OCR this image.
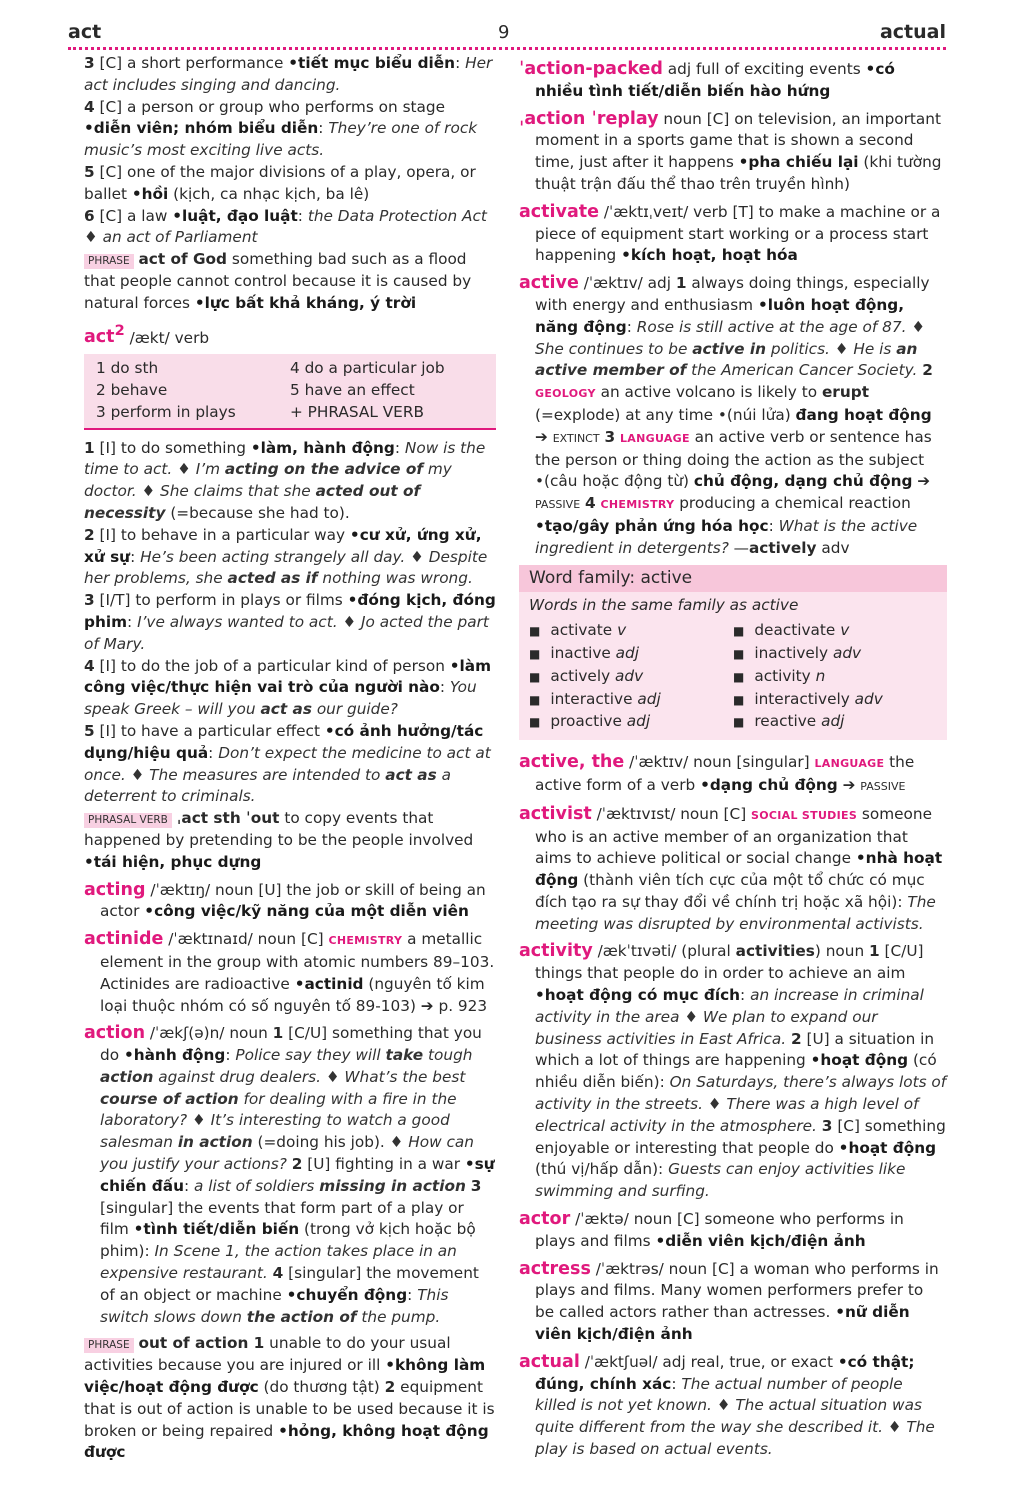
act	9	actual
3 [C] a short performance •tiết mục biểu diễn: Her act includes singing and dancing.
4 [C] a person or group who performs on stage •diễn viên; nhóm biểu diễn: They’re one of rock music’s most exciting live acts.
5 [C] one of the major divisions of a play, opera, or ballet •hồi (kịch, ca nhạc kịch, ba lê)
6 [C] a law •luật, đạo luật: the Data Protection Act ♦ an act of Parliament
PHRASE act of God something bad such as a flood that people cannot control because it is caused by natural forces •lực bất khả kháng, ý trời
act$^2$ /ækt/ verb
1 do sth	4 do a particular job
2 behave	5 have an effect
3 perform in plays	+ PHRASAL VERB
1 [I] to do something •làm, hành động: Now is the time to act. ♦ I’m acting on the advice of my doctor. ♦ She claims that she acted out of necessity (=because she had to).
2 [I] to behave in a particular way •cư xử, ứng xử, xử sự: He’s been acting strangely all day. ♦ Despite her problems, she acted as if nothing was wrong.
3 [I/T] to perform in plays or films •đóng kịch, đóng phim: I’ve always wanted to act. ♦ Jo acted the part of Mary.
4 [I] to do the job of a particular kind of person •làm công việc/thực hiện vai trò của người nào: You speak Greek – will you act as our guide?
5 [I] to have a particular effect •có ảnh hưởng/tác dụng/hiệu quả: Don’t expect the medicine to act at once. ♦ The measures are intended to act as a deterrent to criminals.
PHRASAL VERB ˌact sth ˈout to copy events that happened by pretending to be the people involved •tái hiện, phục dựng
acting /ˈæktɪŋ/ noun [U] the job or skill of being an actor •công việc/kỹ năng của một diễn viên
actinide /ˈæktɪnaɪd/ noun [C] CHEMISTRY a metallic element in the group with atomic numbers 89–103. Actinides are radioactive •actinid (nguyên tố kim loại thuộc nhóm có số nguyên tố 89-103) ➔ p. 923
action /ˈækʃ(ə)n/ noun 1 [C/U] something that you do •hành động: Police say they will take tough action against drug dealers. ♦ What’s the best course of action for dealing with a fire in the laboratory? ♦ It’s interesting to watch a good salesman in action (=doing his job). ♦ How can you justify your actions? 2 [U] fighting in a war •sự chiến đấu: a list of soldiers missing in action 3 [singular] the events that form part of a play or film •tình tiết/diễn biến (trong vở kịch hoặc bộ phim): In Scene 1, the action takes place in an expensive restaurant. 4 [singular] the movement of an object or machine •chuyển động: This switch slows down the action of the pump.
PHRASE out of action 1 unable to do your usual activities because you are injured or ill •không làm việc/hoạt động được (do thương tật) 2 equipment that is out of action is unable to be used because it is broken or being repaired •hỏng, không hoạt động được
ˈaction-packed adj full of exciting events •có nhiều tình tiết/diễn biến hào hứng
ˌaction ˈreplay noun [C] on television, an important moment in a sports game that is shown a second time, just after it happens •pha chiếu lại (khi tường thuật trận đấu thể thao trên truyền hình)
activate /ˈæktɪˌveɪt/ verb [T] to make a machine or a piece of equipment start working or a process start happening •kích hoạt, hoạt hóa
active /ˈæktɪv/ adj 1 always doing things, especially with energy and enthusiasm •luôn hoạt động, năng động: Rose is still active at the age of 87. ♦ She continues to be active in politics. ♦ He is an active member of the American Cancer Society. 2 GEOLOGY an active volcano is likely to erupt (=explode) at any time •(núi lửa) đang hoạt động ➔ EXTINCT 3 LANGUAGE an active verb or sentence has the person or thing doing the action as the subject •(câu hoặc động từ) chủ động, dạng chủ động ➔ PASSIVE 4 CHEMISTRY producing a chemical reaction •tạo/gây phản ứng hóa học: What is the active ingredient in detergents? —actively adv
Word family: active
Words in the same family as active
■ activate v	■ deactivate v
■ inactive adj	■ inactively adv
■ actively adv	■ activity n
■ interactive adj	■ interactively adv
■ proactive adj	■ reactive adj
active, the /ˈæktɪv/ noun [singular] LANGUAGE the active form of a verb •dạng chủ động ➔ PASSIVE
activist /ˈæktɪvɪst/ noun [C] SOCIAL STUDIES someone who is an active member of an organization that aims to achieve political or social change •nhà hoạt động (thành viên tích cực của một tổ chức có mục đích tạo ra sự thay đổi về chính trị hoặc xã hội): The meeting was disrupted by environmental activists.
activity /ækˈtɪvəti/ (plural activities) noun 1 [C/U] things that people do in order to achieve an aim •hoạt động có mục đích: an increase in criminal activity in the area ♦ We plan to expand our business activities in East Africa. 2 [U] a situation in which a lot of things are happening •hoạt động (có nhiều diễn biến): On Saturdays, there’s always lots of activity in the streets. ♦ There was a high level of electrical activity in the atmosphere. 3 [C] something enjoyable or interesting that people do •hoạt động (thú vị/hấp dẫn): Guests can enjoy activities like swimming and surfing.
actor /ˈæktə/ noun [C] someone who performs in plays and films •diễn viên kịch/điện ảnh
actress /ˈæktrəs/ noun [C] a woman who performs in plays and films. Many women performers prefer to be called actors rather than actresses. •nữ diễn viên kịch/điện ảnh
actual /ˈæktʃuəl/ adj real, true, or exact •có thật; đúng, chính xác: The actual number of people killed is not yet known. ♦ The actual situation was quite different from the way she described it. ♦ The play is based on actual events.
